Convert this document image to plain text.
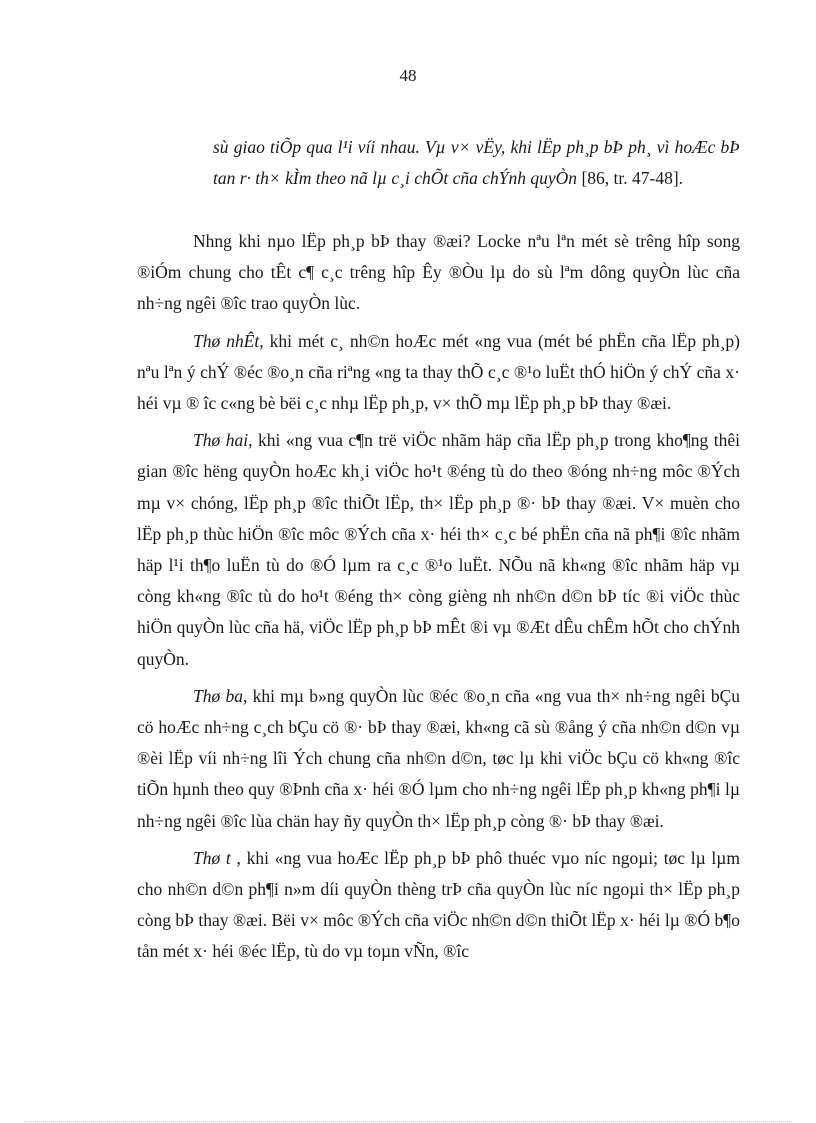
48
sù giao tiÕp qua l¹i víi nhau. Vµ v× vËy, khi lËp ph¸p bÞ ph¸ vì hoÆc bÞ tan r· th× kÌm theo nã lµ c¸i chÕt cña chÝnh quyÒn [86, tr. 47-48].

Nhng khi nµo lËp ph¸p bÞ thay ®æi? Locke nªu lªn mét sè trêng hîp song ®iÓm chung cho tÊt c¶ c¸c trêng hîp Êy ®Òu lµ do sù lªm dông quyÒn lùc cña nh÷ng ngêi ®îc trao quyÒn lùc.

Thø nhÊt, khi mét c¸ nh©n hoÆc mét «ng vua (mét bé phËn cña lËp ph¸p) nªu lªn ý chÝ ®éc ®o¸n cña riªng «ng ta thay thÕ c¸c ®¹o luËt thÓ hiÖn ý chÝ cña x· héi vµ ® îc c«ng bè bëi c¸c nhµ lËp ph¸p, v× thÕ mµ lËp ph¸p bÞ thay ®æi.

Thø hai, khi «ng vua c¶n trë viÖc nhãm häp cña lËp ph¸p trong kho¶ng thêi gian ®îc hëng quyÒn hoÆc kh¸i viÖc ho¹t ®éng tù do theo ®óng nh÷ng môc ®Ých mµ v× chóng, lËp ph¸p ®îc thiÕt lËp, th× lËp ph¸p ®· bÞ thay ®æi. V× muèn cho lËp ph¸p thùc hiÖn ®îc môc ®Ých cña x· héi th× c¸c bé phËn cña nã ph¶i ®îc nhãm häp l¹i th¶o luËn tù do ®Ó lµm ra c¸c ®¹o luËt. NÕu nã kh«ng ®îc nhãm häp vµ còng kh«ng ®îc tù do ho¹t ®éng th× còng gièng nh nh©n d©n bÞ tíc ®i viÖc thùc hiÖn quyÒn lùc cña hä, viÖc lËp ph¸p bÞ mÊt ®i vµ ®Æt dÊu chÊm hÕt cho chÝnh quyÒn.

Thø ba, khi mµ b»ng quyÒn lùc ®éc ®o¸n cña «ng vua th× nh÷ng ngêi bÇu cö hoÆc nh÷ng c¸ch bÇu cö ®· bÞ thay ®æi, kh«ng cã sù ®ång ý cña nh©n d©n vµ ®èi lËp víi nh÷ng lîi Ých chung cña nh©n d©n, tøc lµ khi viÖc bÇu cö kh«ng ®îc tiÕn hµnh theo quy ®Þnh cña x· héi ®Ó lµm cho nh÷ng ngêi lËp ph¸p kh«ng ph¶i lµ nh÷ng ngêi ®îc lùa chän hay ñy quyÒn th× lËp ph¸p còng ®· bÞ thay ®æi.

Thø t , khi «ng vua hoÆc lËp ph¸p bÞ phô thuéc vµo níc ngoµi; tøc lµ lµm cho nh©n d©n ph¶i n»m díi quyÒn thèng trÞ cña quyÒn lùc níc ngoµi th× lËp ph¸p còng bÞ thay ®æi. Bëi v× môc ®Ých cña viÖc nh©n d©n thiÕt lËp x· héi lµ ®Ó b¶o tån mét x· héi ®éc lËp, tù do vµ toµn vÑn, ®îc
